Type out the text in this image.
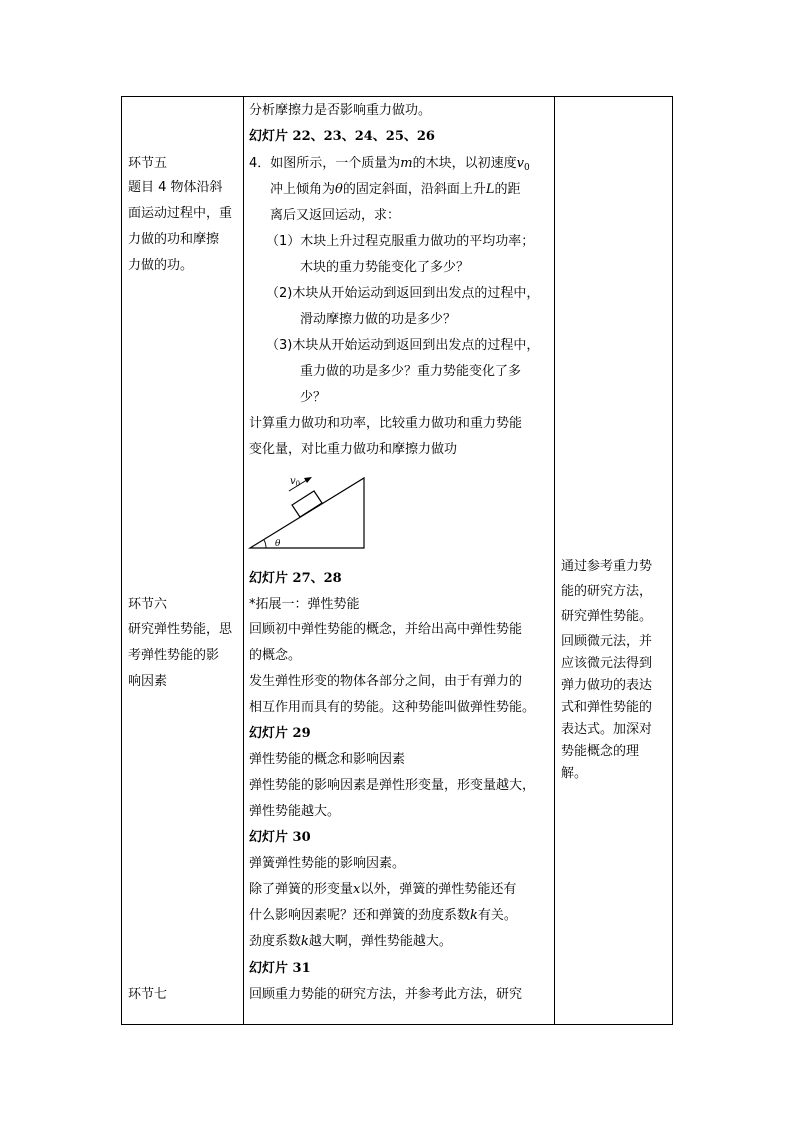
环节五
题目 4 物体沿斜
面运动过程中，重
力做的功和摩擦
力做的功。
环节六
研究弹性势能，思
考弹性势能的影
响因素
环节七
分析摩擦力是否影响重力做功。
幻灯片 22、23、24、25、26
4．如图所示，一个质量为m的木块，以初速度$v_0$
冲上倾角为θ的固定斜面，沿斜面上升L的距
离后又返回运动，求：
（1）木块上升过程克服重力做功的平均功率；
木块的重力势能变化了多少？
（2)木块从开始运动到返回到出发点的过程中，
滑动摩擦力做的功是多少？
（3)木块从开始运动到返回到出发点的过程中，
重力做的功是多少？重力势能变化了多
少？
计算重力做功和功率，比较重力做功和重力势能
变化量，对比重力做功和摩擦力做功
$v_0$
θ
幻灯片 27、28
*拓展一：弹性势能
回顾初中弹性势能的概念，并给出高中弹性势能
的概念。
发生弹性形变的物体各部分之间，由于有弹力的
相互作用而具有的势能。这种势能叫做弹性势能。
幻灯片 29
弹性势能的概念和影响因素
弹性势能的影响因素是弹性形变量，形变量越大，
弹性势能越大。
幻灯片 30
弹簧弹性势能的影响因素。
除了弹簧的形变量x以外，弹簧的弹性势能还有
什么影响因素呢？还和弹簧的劲度系数k有关。
劲度系数k越大啊，弹性势能越大。
幻灯片 31
回顾重力势能的研究方法，并参考此方法，研究
通过参考重力势
能的研究方法，
研究弹性势能。
回顾微元法，并
应该微元法得到
弹力做功的表达
式和弹性势能的
表达式。加深对
势能概念的理
解。
